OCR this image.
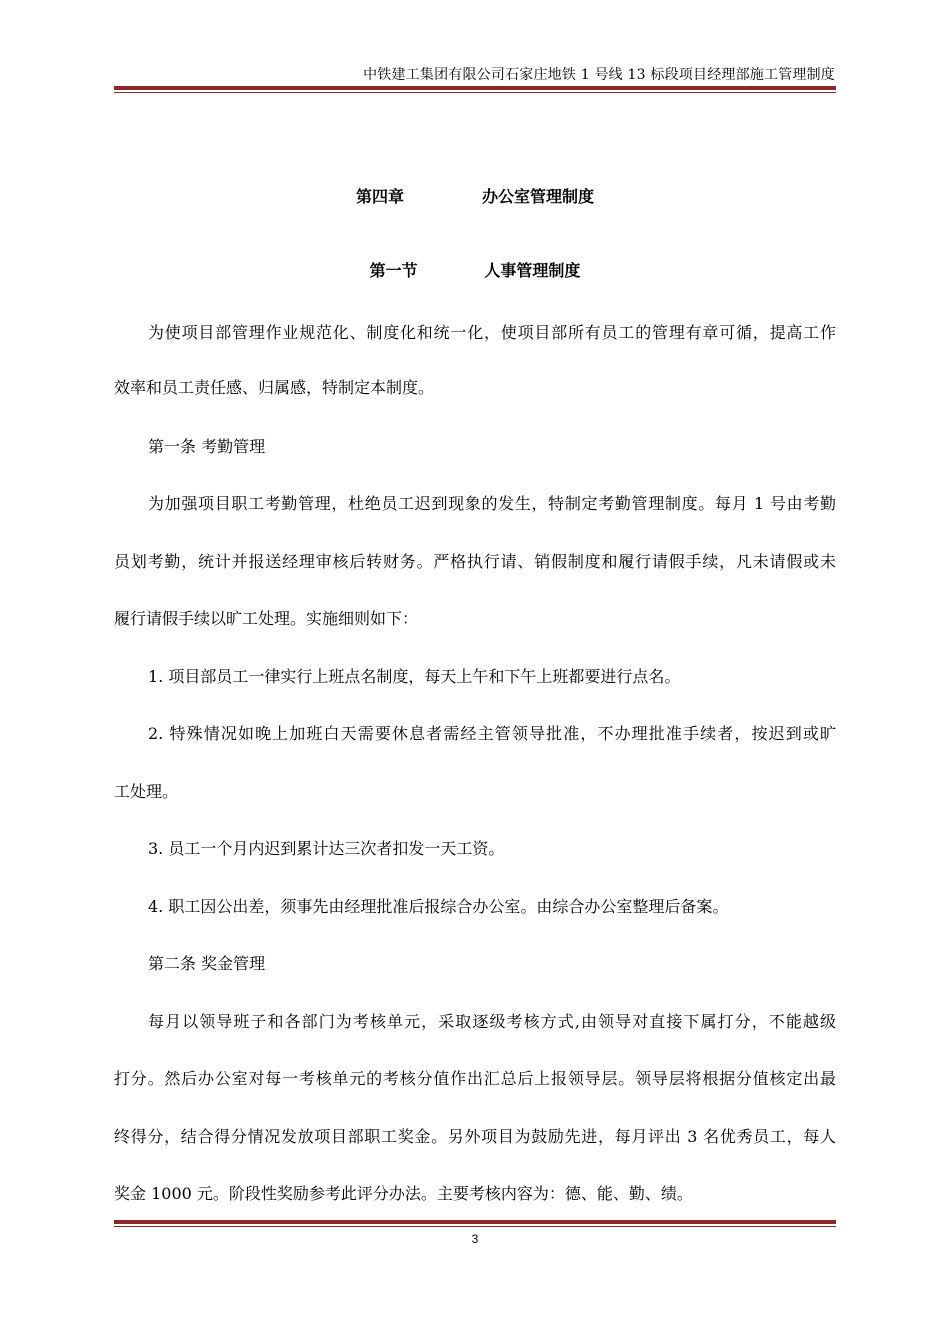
中铁建工集团有限公司石家庄地铁 1 号线 13 标段项目经理部施工管理制度
第四章              办公室管理制度
第一节            人事管理制度
为使项目部管理作业规范化、制度化和统一化，使项目部所有员工的管理有章可循，提高工作
效率和员工责任感、归属感，特制定本制度。
第一条 考勤管理
为加强项目职工考勤管理，杜绝员工迟到现象的发生，特制定考勤管理制度。每月 1 号由考勤
员划考勤，统计并报送经理审核后转财务。严格执行请、销假制度和履行请假手续，凡未请假或未
履行请假手续以旷工处理。实施细则如下：
1. 项目部员工一律实行上班点名制度，每天上午和下午上班都要进行点名。
2. 特殊情况如晚上加班白天需要休息者需经主管领导批准，不办理批准手续者，按迟到或旷
工处理。
3. 员工一个月内迟到累计达三次者扣发一天工资。
4. 职工因公出差，须事先由经理批准后报综合办公室。由综合办公室整理后备案。
第二条 奖金管理
每月以领导班子和各部门为考核单元，采取逐级考核方式,由领导对直接下属打分，不能越级
打分。然后办公室对每一考核单元的考核分值作出汇总后上报领导层。领导层将根据分值核定出最
终得分，结合得分情况发放项目部职工奖金。另外项目为鼓励先进，每月评出 3 名优秀员工，每人
奖金 1000 元。阶段性奖励参考此评分办法。主要考核内容为：德、能、勤、绩。
3
